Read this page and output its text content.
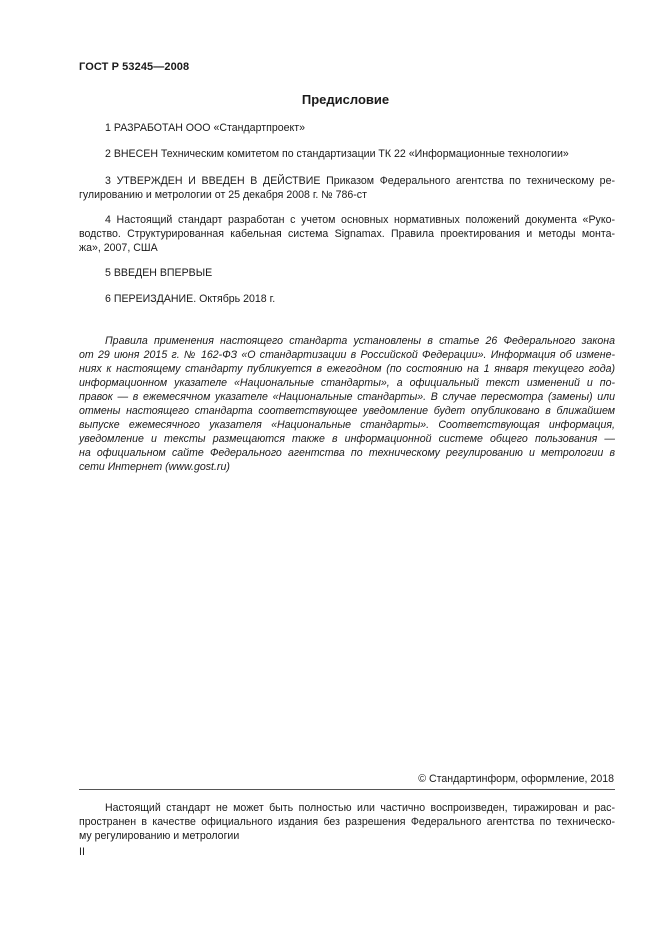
ГОСТ Р 53245—2008
Предисловие
1 РАЗРАБОТАН ООО «Стандартпроект»
2 ВНЕСЕН Техническим комитетом по стандартизации ТК 22 «Информационные технологии»
3 УТВЕРЖДЕН И ВВЕДЕН В ДЕЙСТВИЕ Приказом Федерального агентства по техническому ре-
гулированию и метрологии от 25 декабря 2008 г. № 786-ст
4 Настоящий стандарт разработан с учетом основных нормативных положений документа «Руко-
водство. Структурированная кабельная система Signamax. Правила проектирования и методы монта-
жа», 2007, США
5 ВВЕДЕН ВПЕРВЫЕ
6 ПЕРЕИЗДАНИЕ. Октябрь 2018 г.
Правила применения настоящего стандарта установлены в статье 26 Федерального закона
от 29 июня 2015 г. № 162-ФЗ «О стандартизации в Российской Федерации». Информация об измене-
ниях к настоящему стандарту публикуется в ежегодном (по состоянию на 1 января текущего года)
информационном указателе «Национальные стандарты», а официальный текст изменений и по-
правок — в ежемесячном указателе «Национальные стандарты». В случае пересмотра (замены) или
отмены настоящего стандарта соответствующее уведомление будет опубликовано в ближайшем
выпуске ежемесячного указателя «Национальные стандарты». Соответствующая информация,
уведомление и тексты размещаются также в информационной системе общего пользования —
на официальном сайте Федерального агентства по техническому регулированию и метрологии в
сети Интернет (www.gost.ru)
© Стандартинформ, оформление, 2018
Настоящий стандарт не может быть полностью или частично воспроизведен, тиражирован и рас-
пространен в качестве официального издания без разрешения Федерального агентства по техническо-
му регулированию и метрологии
II
